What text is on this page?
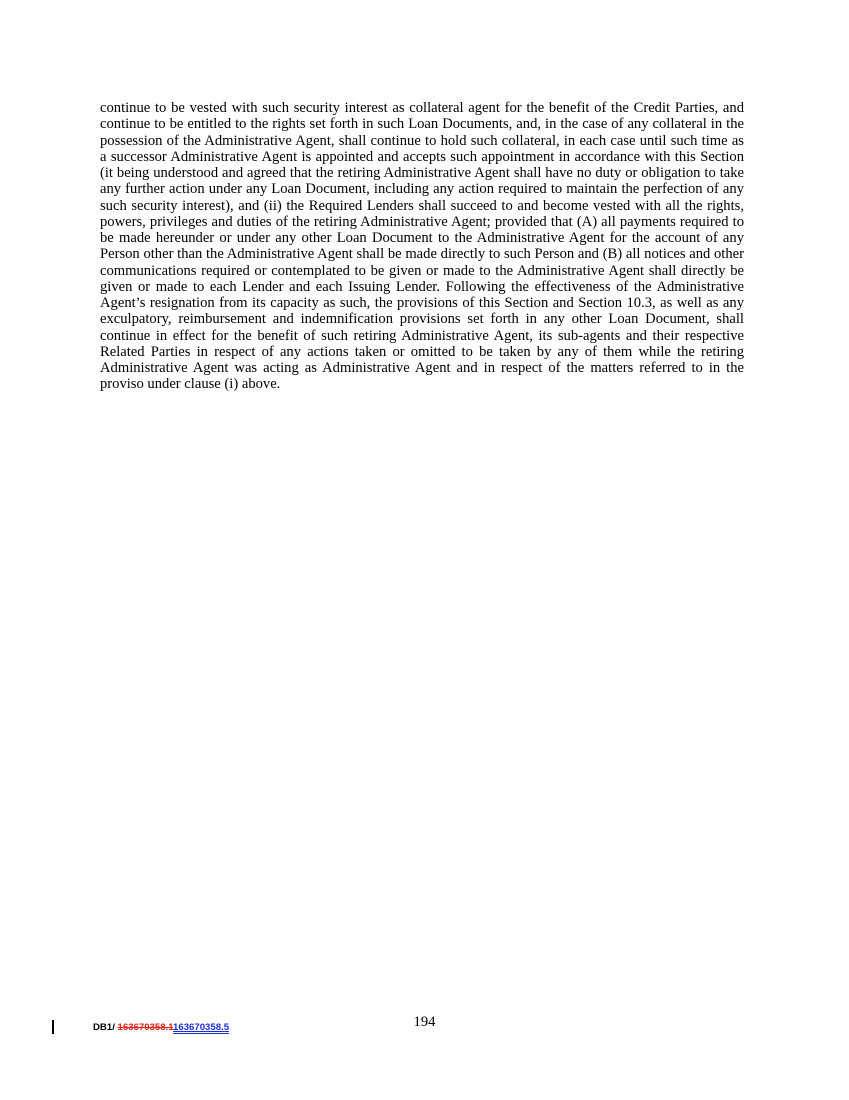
continue to be vested with such security interest as collateral agent for the benefit of the Credit Parties, and continue to be entitled to the rights set forth in such Loan Documents, and, in the case of any collateral in the possession of the Administrative Agent, shall continue to hold such collateral, in each case until such time as a successor Administrative Agent is appointed and accepts such appointment in accordance with this Section (it being understood and agreed that the retiring Administrative Agent shall have no duty or obligation to take any further action under any Loan Document, including any action required to maintain the perfection of any such security interest), and (ii) the Required Lenders shall succeed to and become vested with all the rights, powers, privileges and duties of the retiring Administrative Agent; provided that (A) all payments required to be made hereunder or under any other Loan Document to the Administrative Agent for the account of any Person other than the Administrative Agent shall be made directly to such Person and (B) all notices and other communications required or contemplated to be given or made to the Administrative Agent shall directly be given or made to each Lender and each Issuing Lender. Following the effectiveness of the Administrative Agent’s resignation from its capacity as such, the provisions of this Section and Section 10.3, as well as any exculpatory, reimbursement and indemnification provisions set forth in any other Loan Document, shall continue in effect for the benefit of such retiring Administrative Agent, its sub-agents and their respective Related Parties in respect of any actions taken or omitted to be taken by any of them while the retiring Administrative Agent was acting as Administrative Agent and in respect of the matters referred to in the proviso under clause (i) above.

DB1/ 163670358.1163670358.5	194
